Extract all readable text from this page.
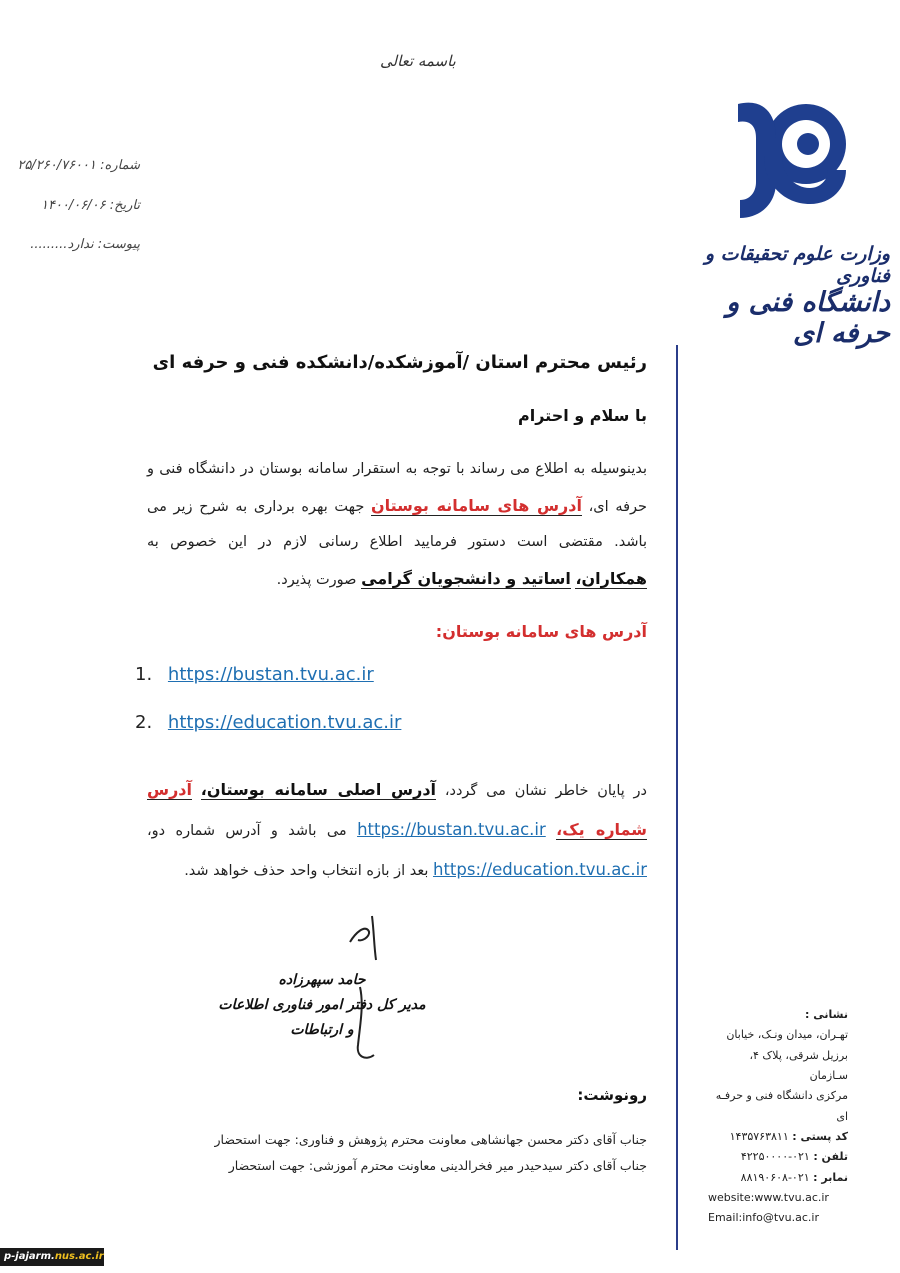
باسمه تعالی
شماره: ۲۵/۲۶۰/۷۶۰۰۱
تاریخ: ۱۴۰۰/۰۶/۰۶
پیوست: ندارد.........	وزارت علوم تحقیقات و فناوری
دانشگاه فنی و حرفه ای
رئیس محترم استان /آموزشکده/دانشکده فنی و حرفه ای
با سلام و احترام
بدینوسیله به اطلاع می رساند با توجه به استقرار سامانه بوستان در دانشگاه فنی و حرفه ای، آدرس های سامانه بوستان جهت بهره برداری به شرح زیر می باشد. مقتضی است دستور فرمایید اطلاع رسانی لازم در این خصوص به همکاران، اساتید و دانشجویان گرامی صورت پذیرد.
آدرس های سامانه بوستان:
1. https://bustan.tvu.ac.ir
2. https://education.tvu.ac.ir
در پایان خاطر نشان می گردد، آدرس اصلی سامانه بوستان، آدرس شماره یک، https://bustan.tvu.ac.ir می باشد و آدرس شماره دو، https://education.tvu.ac.ir بعد از بازه انتخاب واحد حذف خواهد شد.
حامد سپهرزاده
مدیر کل دفتر امور فناوری اطلاعات
و ارتباطات
رونوشت:
جناب آقای دکتر محسن جهانشاهی معاونت محترم پژوهش و فناوری: جهت استحضار
جناب آقای دکتر سیدحیدر میر فخرالدینی معاونت محترم آموزشی: جهت استحضار
نشانی :
تهـران، میدان ونـک، خیابان
برزیل شرقی، پلاک ۴، سـازمان
مرکزی دانشگاه فنی و حرفـه ای
کد پستی : ۱۴۳۵۷۶۳۸۱۱
تلفن : ۰۲۱-۴۲۲۵۰۰۰۰
نمابر : ۰۲۱-۸۸۱۹۰۶۰۸
website:www.tvu.ac.ir
Email:info@tvu.ac.ir
p-jajarm.nus.ac.ir
